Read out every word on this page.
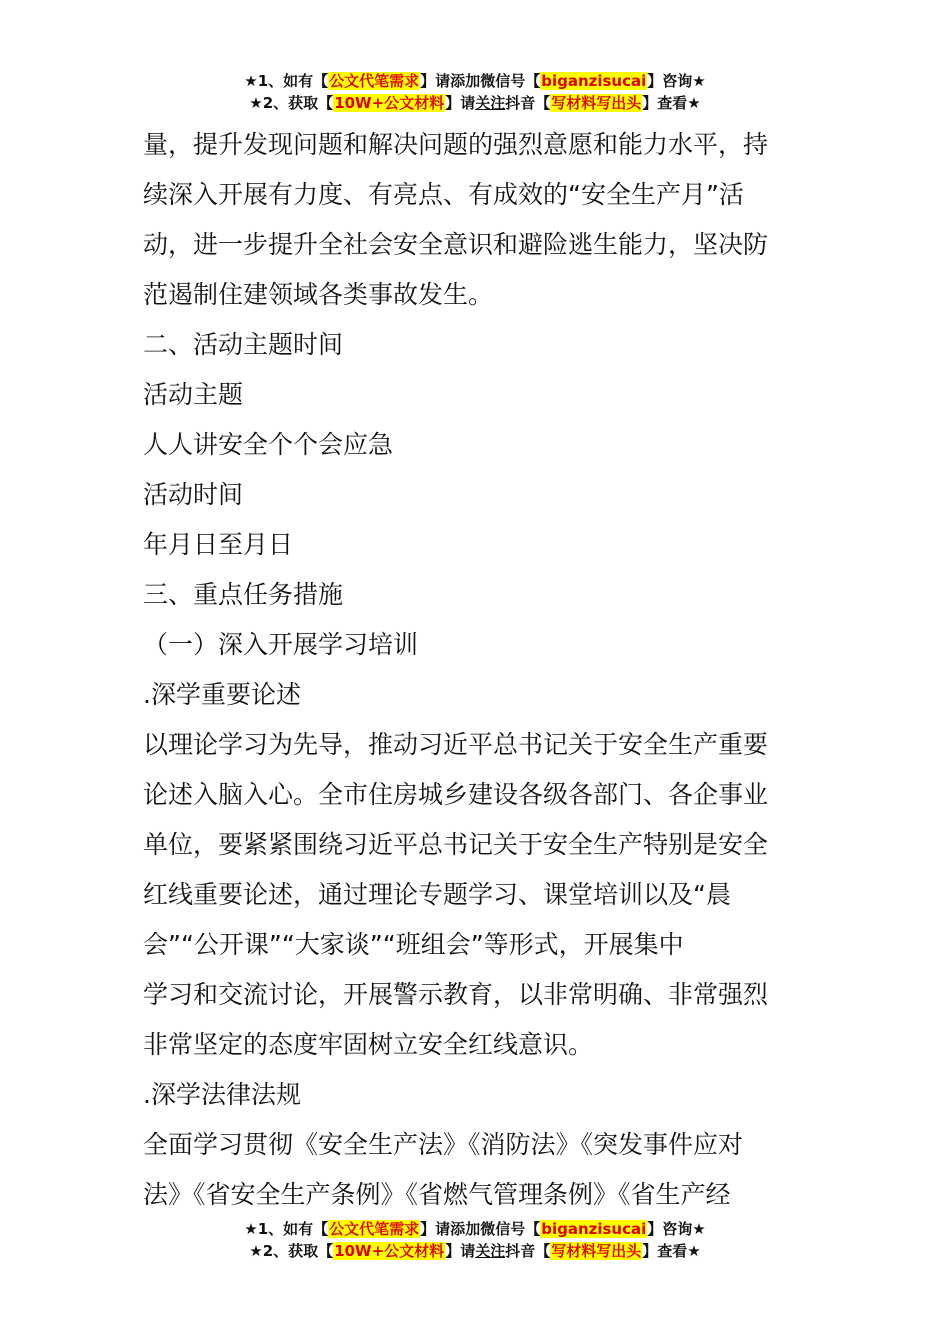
★1、如有【公文代笔需求】请添加微信号【biganzisucai】咨询★
★2、获取【10W+公文材料】请关注抖音【写材料写出头】查看★

量，提升发现问题和解决问题的强烈意愿和能力水平，持

续深入开展有力度、有亮点、有成效的“安全生产月”活

动，进一步提升全社会安全意识和避险逃生能力，坚决防

范遏制住建领域各类事故发生。

二、活动主题时间

活动主题

人人讲安全个个会应急

活动时间

年月日至月日

三、重点任务措施

（一）深入开展学习培训

.深学重要论述

以理论学习为先导，推动习近平总书记关于安全生产重要

论述入脑入心。全市住房城乡建设各级各部门、各企事业

单位，要紧紧围绕习近平总书记关于安全生产特别是安全

红线重要论述，通过理论专题学习、课堂培训以及“晨

会”“公开课”“大家谈”“班组会”等形式，开展集中

学习和交流讨论，开展警示教育，以非常明确、非常强烈

非常坚定的态度牢固树立安全红线意识。

.深学法律法规

全面学习贯彻《安全生产法》《消防法》《突发事件应对

法》《省安全生产条例》《省燃气管理条例》《省生产经

★1、如有【公文代笔需求】请添加微信号【biganzisucai】咨询★
★2、获取【10W+公文材料】请关注抖音【写材料写出头】查看★
